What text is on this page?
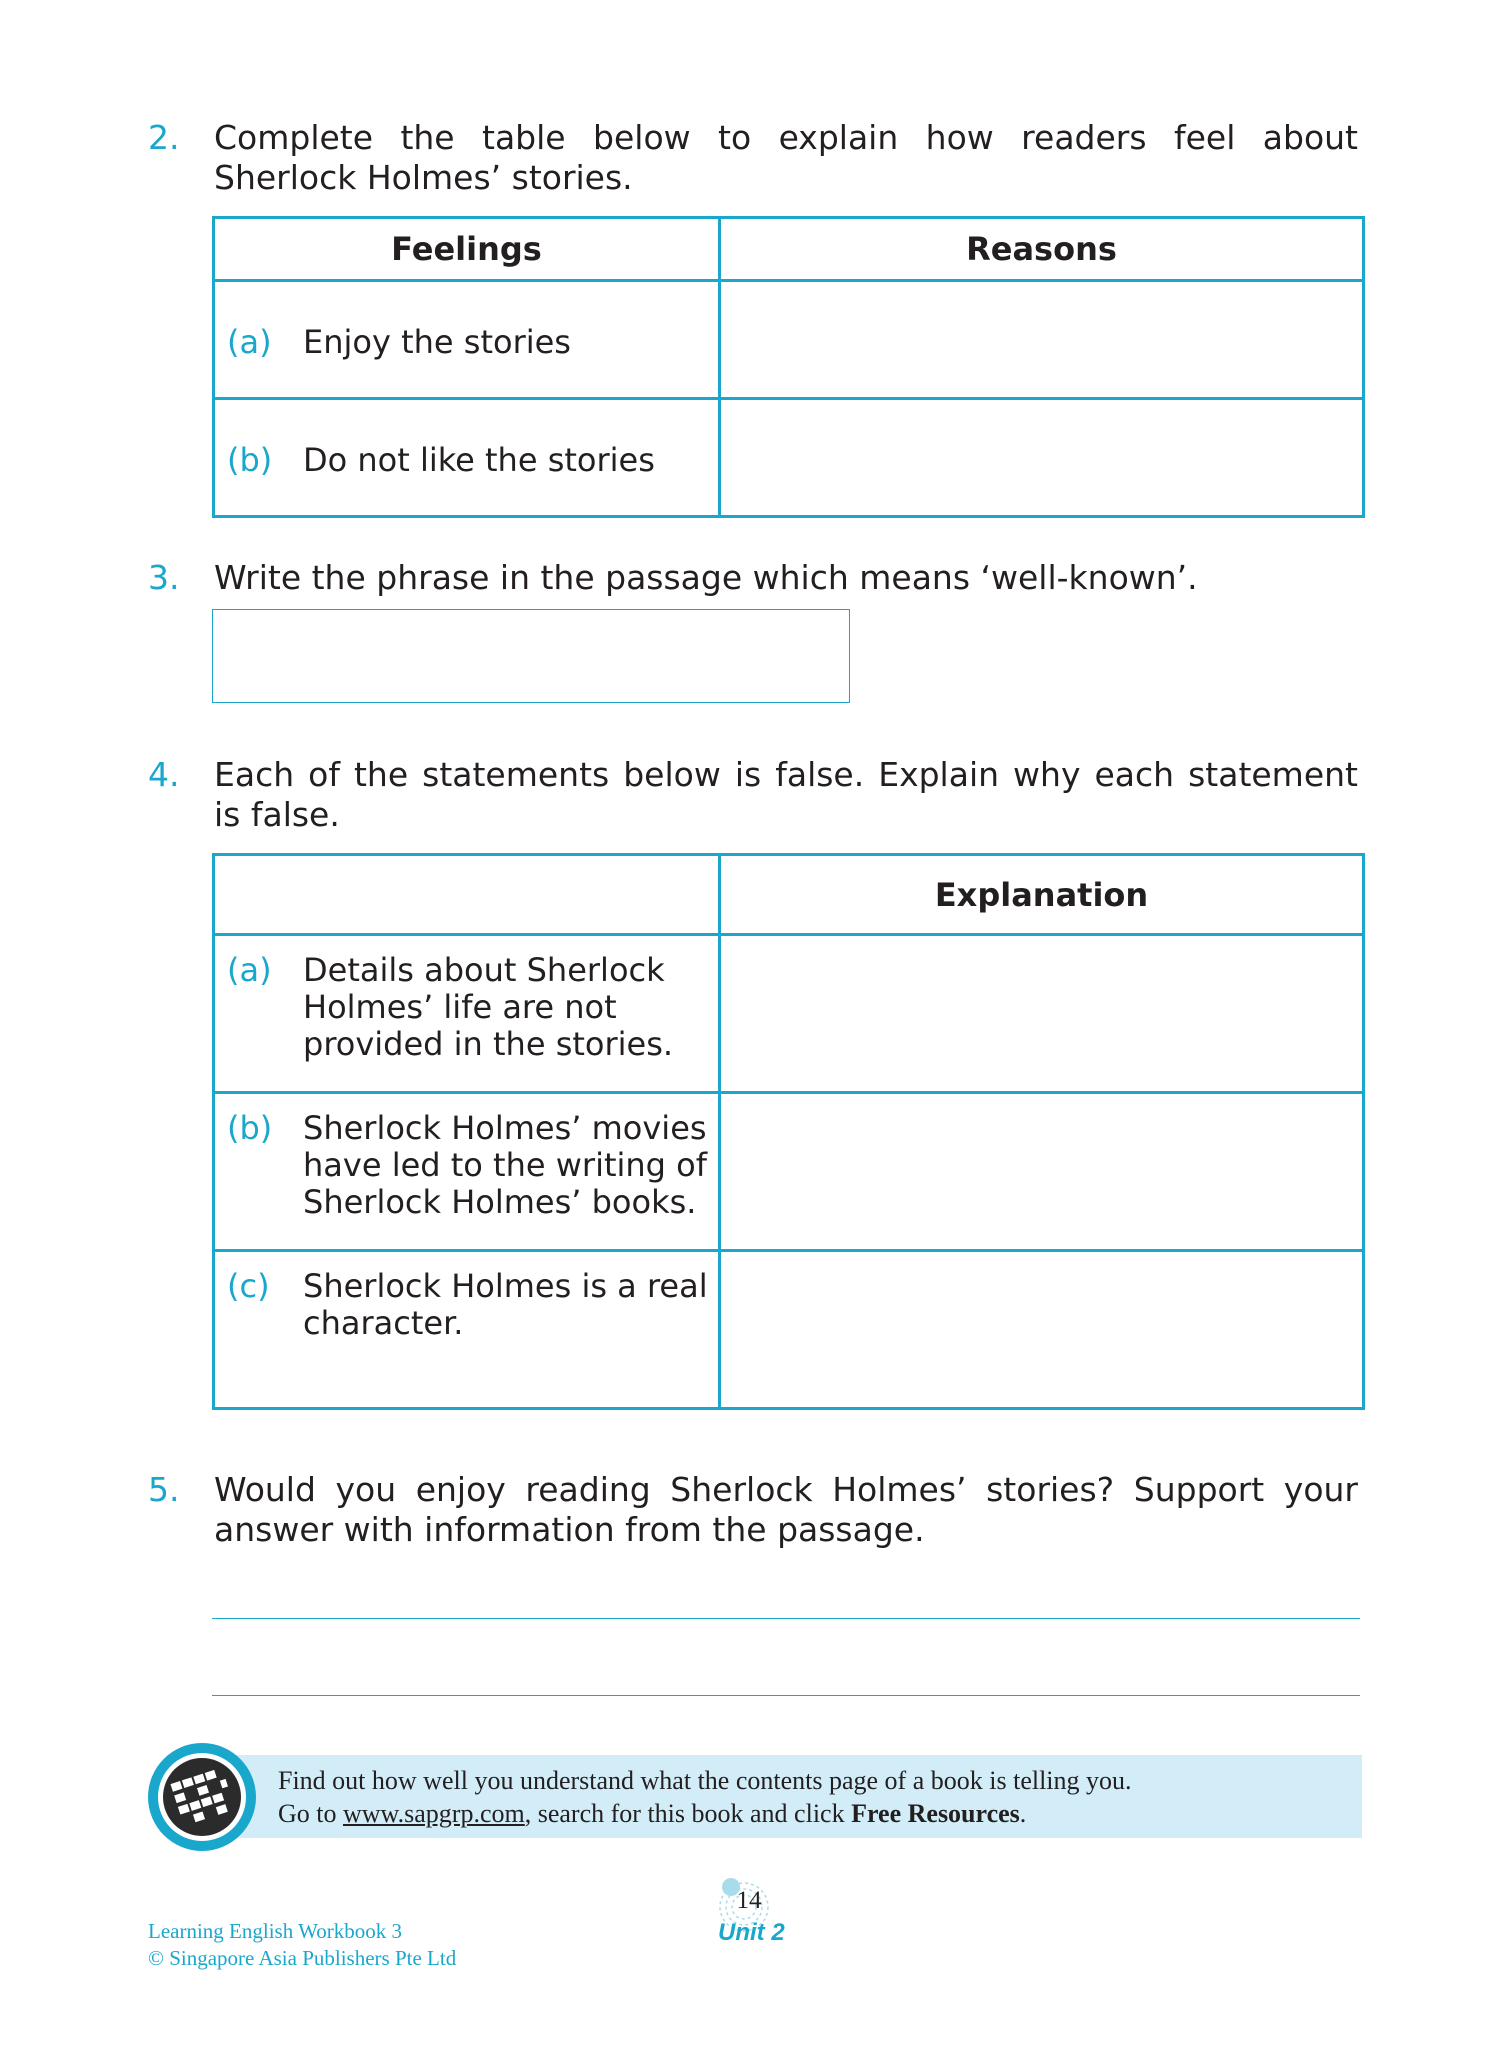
2. Complete the table below to explain how readers feel about Sherlock Holmes’ stories.
Feelings	Reasons

(a) Enjoy the stories	

(b) Do not like the stories	

3. Write the phrase in the passage which means ‘well-known’.
4. Each of the statements below is false. Explain why each statement is false.
	Explanation

(a) Details about Sherlock Holmes’ life are not provided in the stories.	

(b) Sherlock Holmes’ movies have led to the writing of Sherlock Holmes’ books.	

(c) Sherlock Holmes is a real character.	

5. Would you enjoy reading Sherlock Holmes’ stories? Support your answer with information from the passage.
Find out how well you understand what the contents page of a book is telling you.
Go to www.sapgrp.com, search for this book and click Free Resources.
Learning English Workbook 3
© Singapore Asia Publishers Pte Ltd
14
Unit 2
